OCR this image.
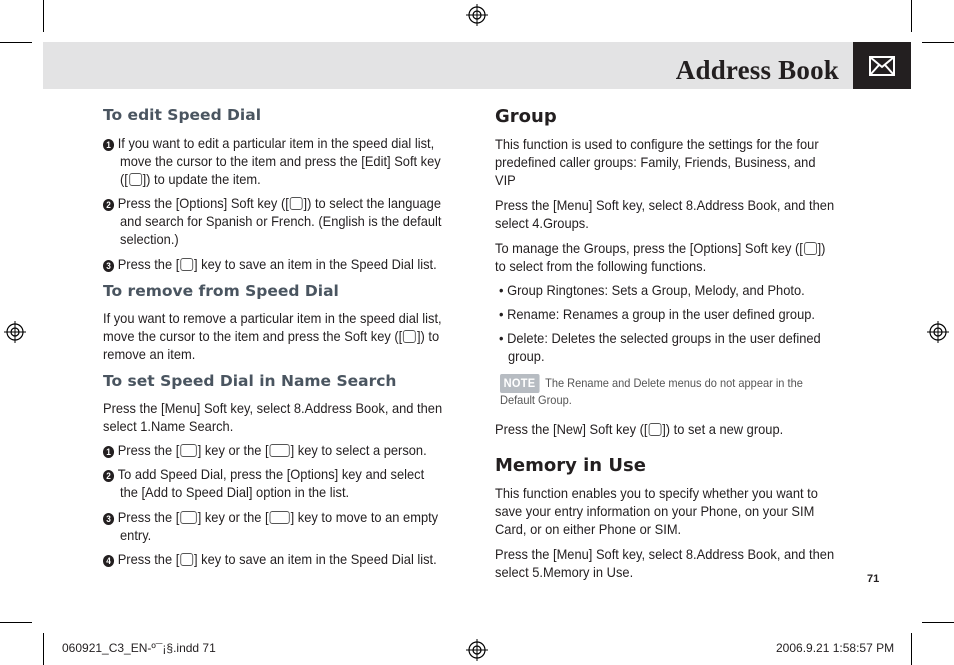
Address Book
To edit Speed Dial
1 If you want to edit a particular item in the speed dial list,
move the cursor to the item and press the [Edit] Soft key
([ ]) to update the item.
2 Press the [Options] Soft key ([ ]) to select the language
and search for Spanish or French. (English is the default
selection.)
3 Press the [ ] key to save an item in the Speed Dial list.
To remove from Speed Dial
If you want to remove a particular item in the speed dial list,
move the cursor to the item and press the Soft key ([ ]) to
remove an item.
To set Speed Dial in Name Search
Press the [Menu] Soft key, select 8.Address Book, and then
select 1.Name Search.
1 Press the [ ] key or the [ ] key to select a person.
2 To add Speed Dial, press the [Options] key and select
the [Add to Speed Dial] option in the list.
3 Press the [ ] key or the [ ] key to move to an empty
entry.
4 Press the [ ] key to save an item in the Speed Dial list.
Group
This function is used to configure the settings for the four
predefined caller groups: Family, Friends, Business, and
VIP
Press the [Menu] Soft key, select 8.Address Book, and then
select 4.Groups.
To manage the Groups, press the [Options] Soft key ([ ])
to select from the following functions.
• Group Ringtones: Sets a Group, Melody, and Photo.
• Rename: Renames a group in the user defined group.
• Delete: Deletes the selected groups in the user defined
group.
NOTE The Rename and Delete menus do not appear in the
Default Group.
Press the [New] Soft key ([ ]) to set a new group.
Memory in Use
This function enables you to specify whether you want to
save your entry information on your Phone, on your SIM
Card, or on either Phone or SIM.
Press the [Menu] Soft key, select 8.Address Book, and then
select 5.Memory in Use.	71
060921_C3_EN-º¯¡§.indd 71	2006.9.21 1:58:57 PM
